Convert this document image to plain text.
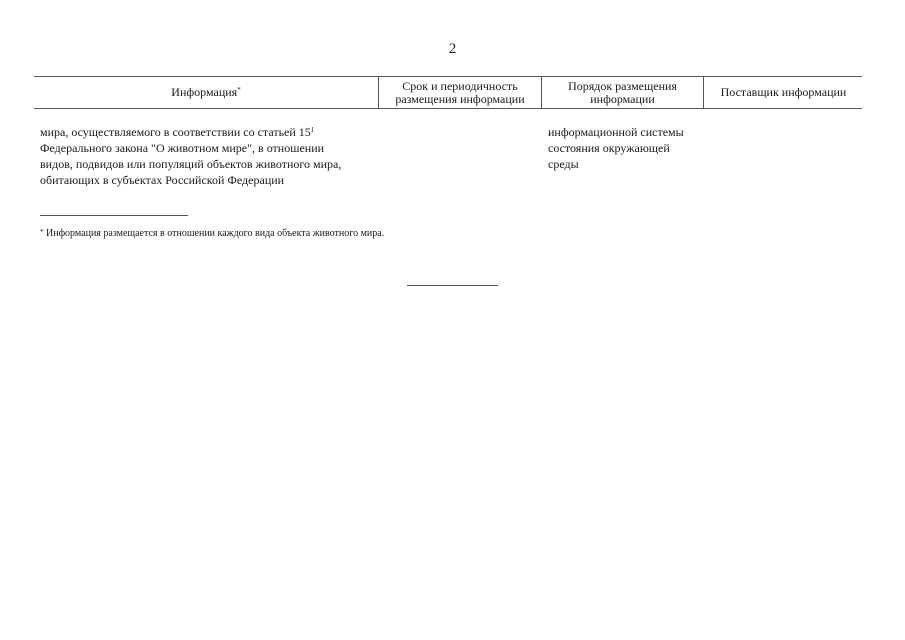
2
Информация*	Срок и периодичность
размещения информации
Порядок размещения
информации	Поставщик информации
мира, осуществляемого в соответствии со статьей $15^1$
Федерального закона "О животном мире", в отношении
видов, подвидов или популяций объектов животного мира,
обитающих в субъектах Российской Федерации
информационной системы
состояния окружающей
среды
* Информация размещается в отношении каждого вида объекта животного мира.
